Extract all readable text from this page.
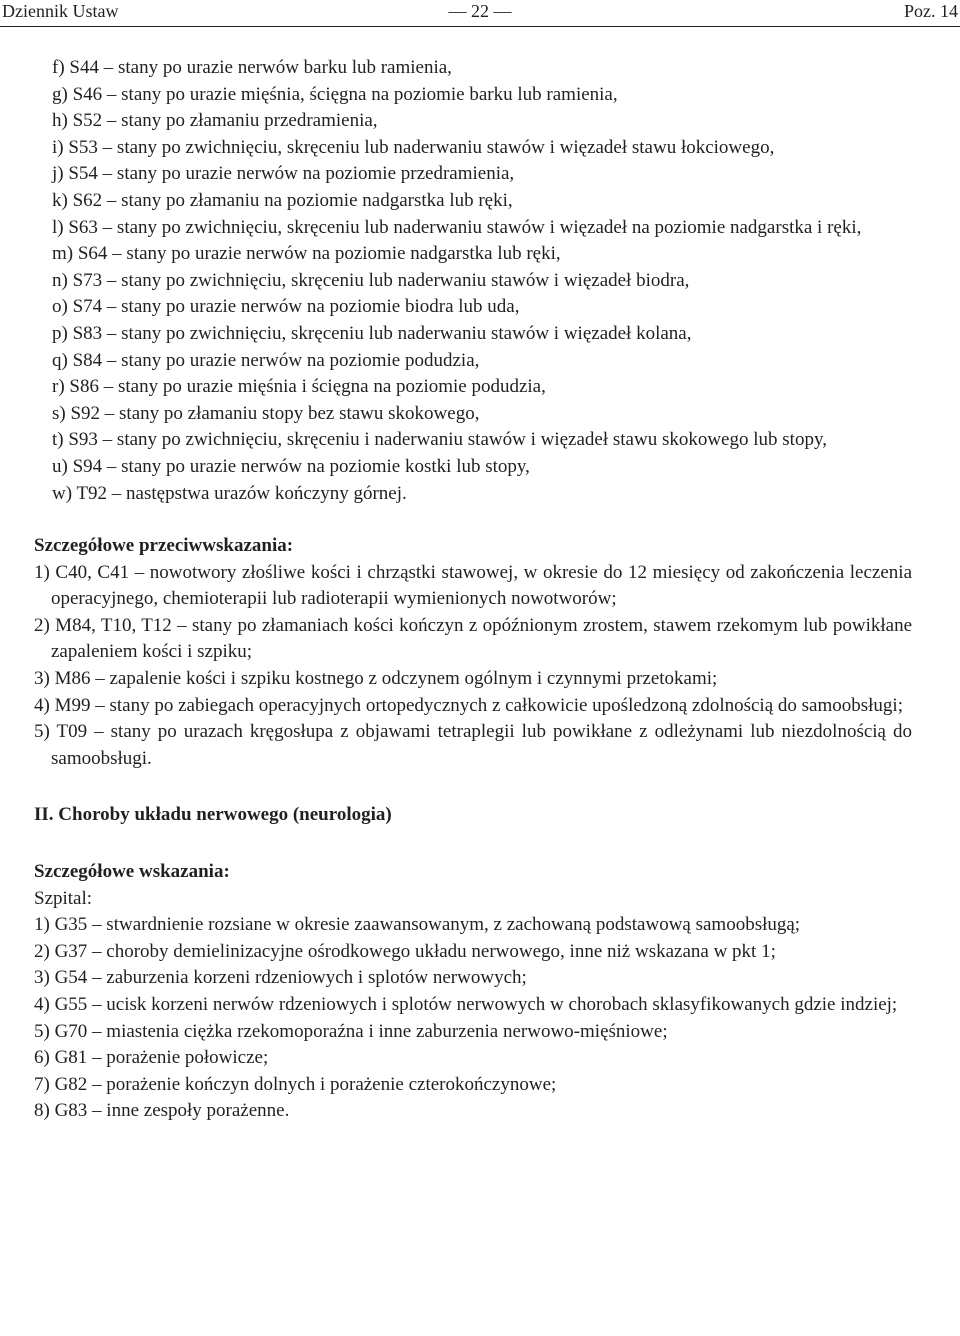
Dziennik Ustaw	— 22 —	Poz. 14
f) S44 – stany po urazie nerwów barku lub ramienia,
g) S46 – stany po urazie mięśnia, ścięgna na poziomie barku lub ramienia,
h) S52 – stany po złamaniu przedramienia,
i) S53 – stany po zwichnięciu, skręceniu lub naderwaniu stawów i więzadeł stawu łokciowego,
j) S54 – stany po urazie nerwów na poziomie przedramienia,
k) S62 – stany po złamaniu na poziomie nadgarstka lub ręki,
l) S63 – stany po zwichnięciu, skręceniu lub naderwaniu stawów i więzadeł na poziomie nadgarstka i ręki,
m) S64 – stany po urazie nerwów na poziomie nadgarstka lub ręki,
n) S73 – stany po zwichnięciu, skręceniu lub naderwaniu stawów i więzadeł biodra,
o) S74 – stany po urazie nerwów na poziomie biodra lub uda,
p) S83 – stany po zwichnięciu, skręceniu lub naderwaniu stawów i więzadeł kolana,
q) S84 – stany po urazie nerwów na poziomie podudzia,
r) S86 – stany po urazie mięśnia i ścięgna na poziomie podudzia,
s) S92 – stany po złamaniu stopy bez stawu skokowego,
t) S93 – stany po zwichnięciu, skręceniu i naderwaniu stawów i więzadeł stawu skokowego lub stopy,
u) S94 – stany po urazie nerwów na poziomie kostki lub stopy,
w) T92 – następstwa urazów kończyny górnej.
Szczegółowe przeciwwskazania:
1) C40, C41 – nowotwory złośliwe kości i chrząstki stawowej, w okresie do 12 miesięcy od zakończenia leczenia operacyjnego, chemioterapii lub radioterapii wymienionych nowotworów;
2) M84, T10, T12 – stany po złamaniach kości kończyn z opóźnionym zrostem, stawem rzekomym lub powikłane zapaleniem kości i szpiku;
3) M86 – zapalenie kości i szpiku kostnego z odczynem ogólnym i czynnymi przetokami;
4) M99 – stany po zabiegach operacyjnych ortopedycznych z całkowicie upośledzoną zdolnością do samoobsługi;
5) T09 – stany po urazach kręgosłupa z objawami tetraplegii lub powikłane z odleżynami lub niezdolnością do samoobsługi.
II. Choroby układu nerwowego (neurologia)
Szczegółowe wskazania:
Szpital:
1) G35 – stwardnienie rozsiane w okresie zaawansowanym, z zachowaną podstawową samoobsługą;
2) G37 – choroby demielinizacyjne ośrodkowego układu nerwowego, inne niż wskazana w pkt 1;
3) G54 – zaburzenia korzeni rdzeniowych i splotów nerwowych;
4) G55 – ucisk korzeni nerwów rdzeniowych i splotów nerwowych w chorobach sklasyfikowanych gdzie indziej;
5) G70 – miastenia ciężka rzekomoporaźna i inne zaburzenia nerwowo-mięśniowe;
6) G81 – porażenie połowicze;
7) G82 – porażenie kończyn dolnych i porażenie czterokończynowe;
8) G83 – inne zespoły porażenne.
